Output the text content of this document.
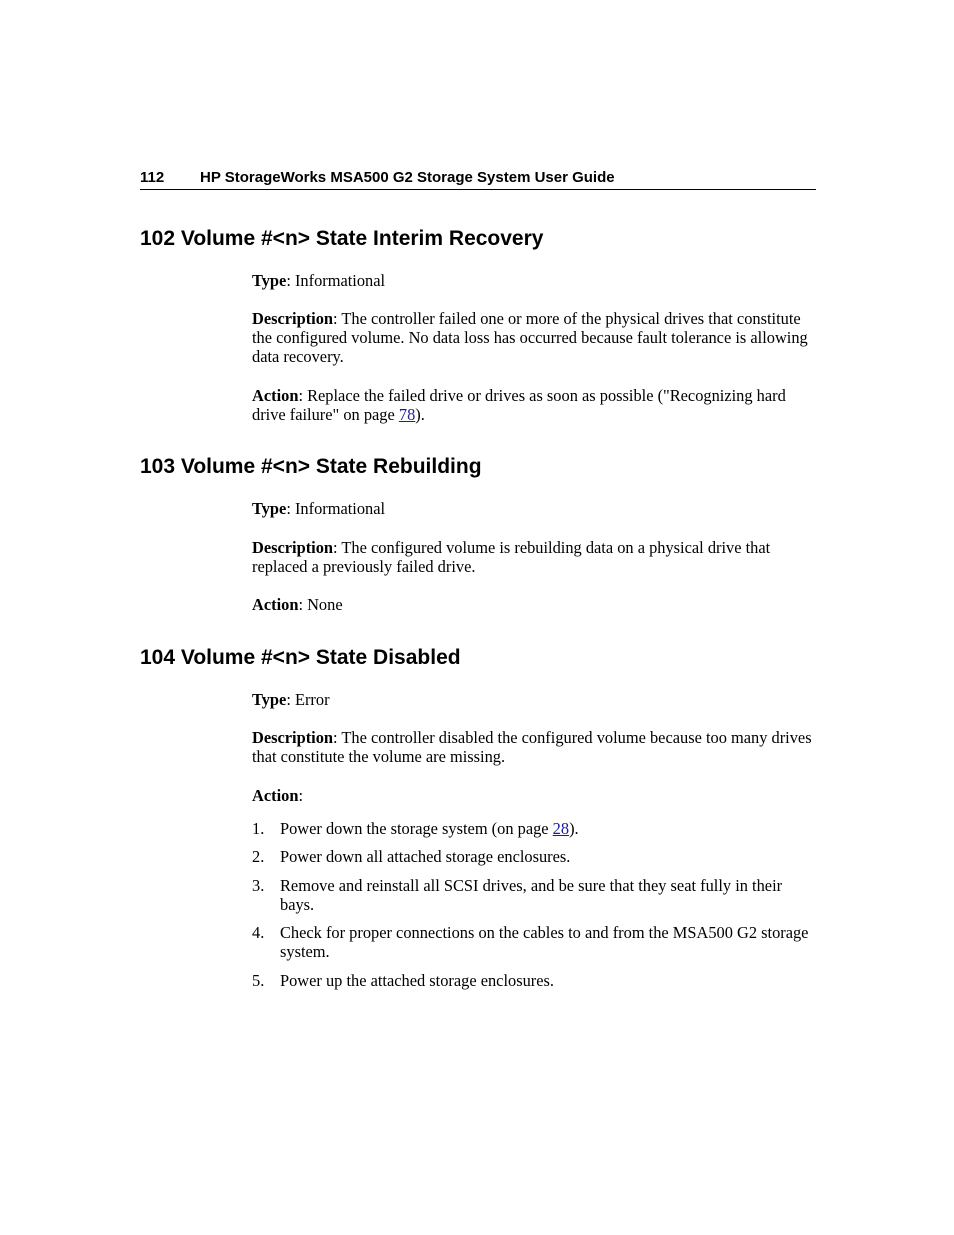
112 HP StorageWorks MSA500 G2 Storage System User Guide
102 Volume #<n> State Interim Recovery

Type: Informational

Description: The controller failed one or more of the physical drives that constitute the configured volume. No data loss has occurred because fault tolerance is allowing data recovery.

Action: Replace the failed drive or drives as soon as possible ("Recognizing hard drive failure" on page 78).

103 Volume #<n> State Rebuilding

Type: Informational

Description: The configured volume is rebuilding data on a physical drive that replaced a previously failed drive.

Action: None

104 Volume #<n> State Disabled

Type: Error

Description: The controller disabled the configured volume because too many drives that constitute the volume are missing.

Action:

1. Power down the storage system (on page 28).
2. Power down all attached storage enclosures.
3. Remove and reinstall all SCSI drives, and be sure that they seat fully in their bays.
4. Check for proper connections on the cables to and from the MSA500 G2 storage system.
5. Power up the attached storage enclosures.
